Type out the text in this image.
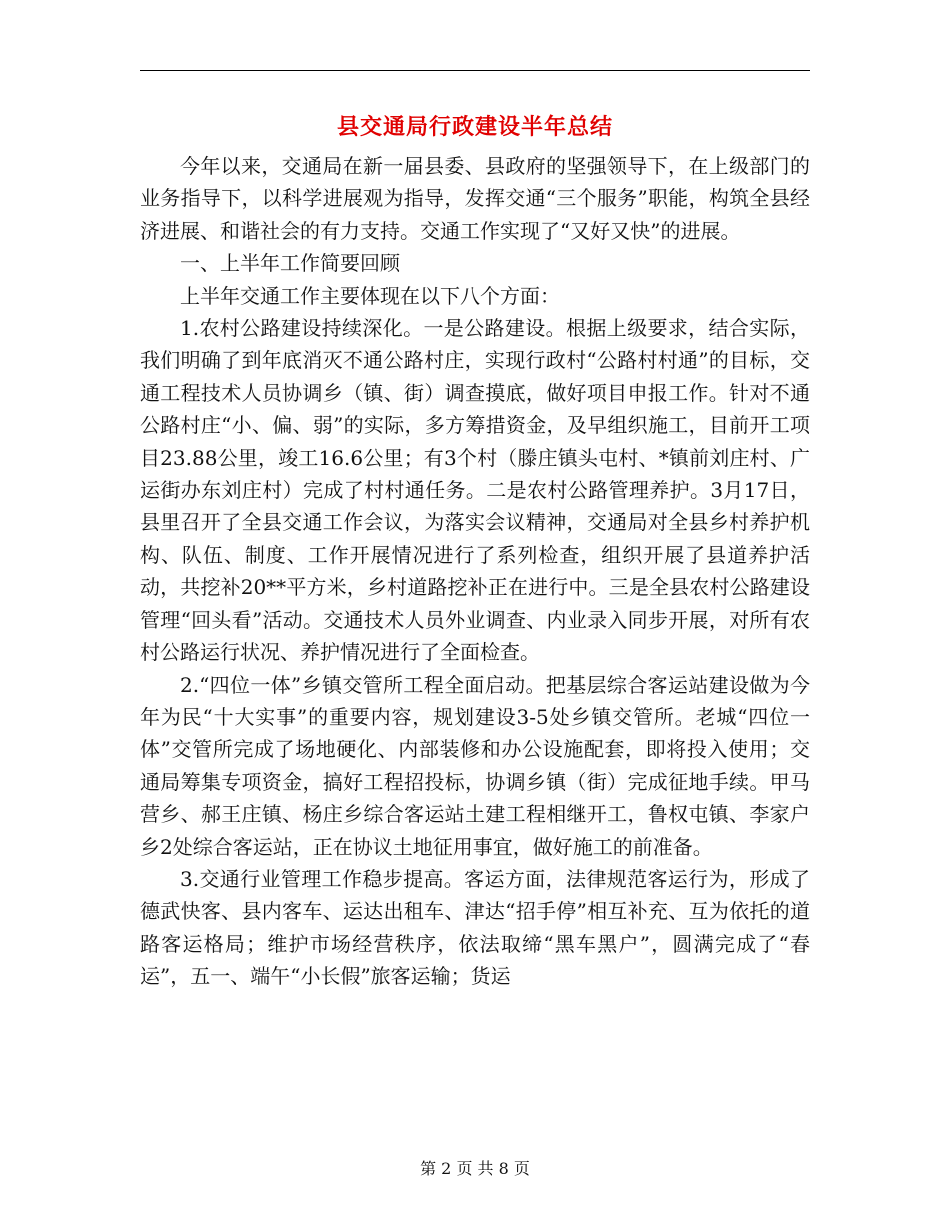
县交通局行政建设半年总结

今年以来，交通局在新一届县委、县政府的坚强领导下，在上级部门的业务指导下，以科学进展观为指导，发挥交通“三个服务”职能，构筑全县经济进展、和谐社会的有力支持。交通工作实现了“又好又快”的进展。

一、上半年工作简要回顾

上半年交通工作主要体现在以下八个方面：

1.农村公路建设持续深化。一是公路建设。根据上级要求，结合实际，我们明确了到年底消灭不通公路村庄，实现行政村“公路村村通”的目标，交通工程技术人员协调乡（镇、街）调查摸底，做好项目申报工作。针对不通公路村庄“小、偏、弱”的实际，多方筹措资金，及早组织施工，目前开工项目23.88公里，竣工16.6公里；有3个村（滕庄镇头屯村、*镇前刘庄村、广运街办东刘庄村）完成了村村通任务。二是农村公路管理养护。3月17日，县里召开了全县交通工作会议，为落实会议精神，交通局对全县乡村养护机构、队伍、制度、工作开展情况进行了系列检查，组织开展了县道养护活动，共挖补20**平方米，乡村道路挖补正在进行中。三是全县农村公路建设管理“回头看”活动。交通技术人员外业调查、内业录入同步开展，对所有农村公路运行状况、养护情况进行了全面检查。

2.“四位一体”乡镇交管所工程全面启动。把基层综合客运站建设做为今年为民“十大实事”的重要内容，规划建设3-5处乡镇交管所。老城“四位一体”交管所完成了场地硬化、内部装修和办公设施配套，即将投入使用；交通局筹集专项资金，搞好工程招投标，协调乡镇（街）完成征地手续。甲马营乡、郝王庄镇、杨庄乡综合客运站土建工程相继开工，鲁权屯镇、李家户乡2处综合客运站，正在协议土地征用事宜，做好施工的前准备。

3.交通行业管理工作稳步提高。客运方面，法律规范客运行为，形成了德武快客、县内客车、运达出租车、津达“招手停”相互补充、互为依托的道路客运格局；维护市场经营秩序，依法取缔“黑车黑户”，圆满完成了“春运”，五一、端午“小长假”旅客运输；货运

第 2 页 共 8 页
